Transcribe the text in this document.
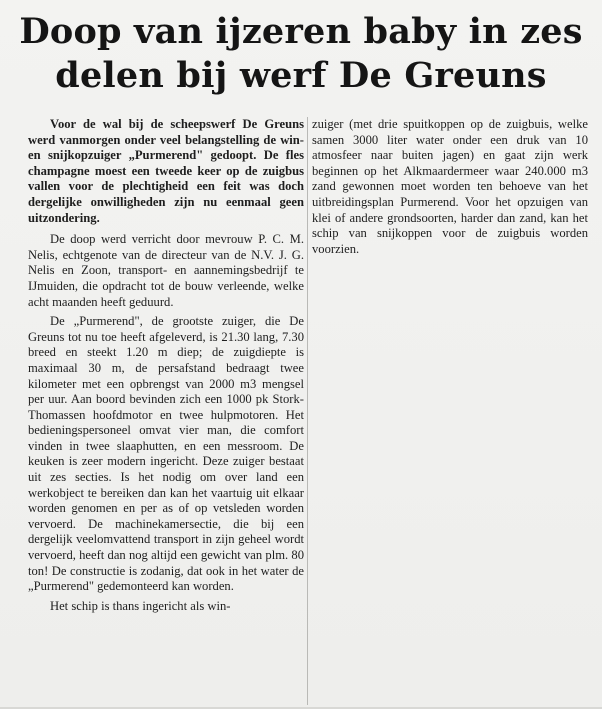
Doop van ijzeren baby in zes
delen bij werf De Greuns

Voor de wal bij de scheepswerf De Greuns werd vanmorgen onder veel belangstelling de win- en snijkopzuiger „Purmerend" gedoopt. De fles champagne moest een tweede keer op de zuigbus vallen voor de plechtigheid een feit was doch dergelijke onwilligheden zijn nu eenmaal geen uitzondering.

De doop werd verricht door mevrouw P. C. M. Nelis, echtgenote van de directeur van de N.V. J. G. Nelis en Zoon, transport- en aannemingsbedrijf te IJmuiden, die opdracht tot de bouw verleende, welke acht maanden heeft geduurd.

De „Purmerend", de grootste zuiger, die De Greuns tot nu toe heeft afgeleverd, is 21.30 lang, 7.30 breed en steekt 1.20 m diep; de zuigdiepte is maximaal 30 m, de persafstand bedraagt twee kilometer met een opbrengst van 2000 m3 mengsel per uur. Aan boord bevinden zich een 1000 pk Stork-Thomassen hoofdmotor en twee hulpmotoren. Het bedieningspersoneel omvat vier man, die comfort vinden in twee slaaphutten, en een messroom. De keuken is zeer modern ingericht. Deze zuiger bestaat uit zes secties. Is het nodig om over land een werkobject te bereiken dan kan het vaartuig uit elkaar worden genomen en per as of op vetsleden worden vervoerd. De machinekamersectie, die bij een dergelijk veelomvattend transport in zijn geheel wordt vervoerd, heeft dan nog altijd een gewicht van plm. 80 ton! De constructie is zodanig, dat ook in het water de „Purmerend" gedemonteerd kan worden.

Het schip is thans ingericht als win-

zuiger (met drie spuitkoppen op de zuigbuis, welke samen 3000 liter water onder een druk van 10 atmosfeer naar buiten jagen) en gaat zijn werk beginnen op het Alkmaardermeer waar 240.000 m3 zand gewonnen moet worden ten behoeve van het uitbreidingsplan Purmerend. Voor het opzuigen van klei of andere grondsoorten, harder dan zand, kan het schip van snijkoppen voor de zuigbuis worden voorzien.
